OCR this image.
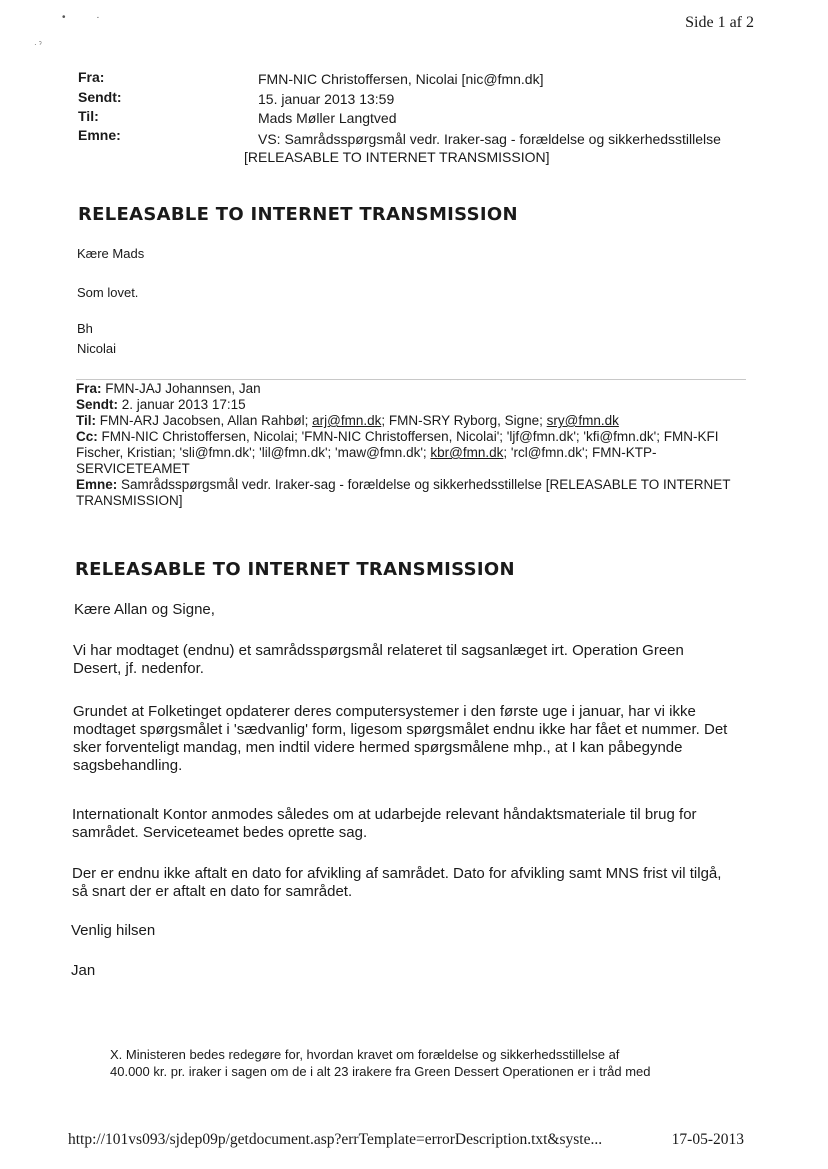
Side 1 af 2
• ·
· ˀ
Fra:	FMN-NIC Christoffersen, Nicolai [nic@fmn.dk]
Sendt:	15. januar 2013 13:59
Til:	Mads Møller Langtved
Emne:	VS: Samrådsspørgsmål vedr. Iraker-sag - forældelse og sikkerhedsstillelse
[RELEASABLE TO INTERNET TRANSMISSION]
RELEASABLE TO INTERNET TRANSMISSION
Kære Mads
Som lovet.
Bh
Nicolai
Fra: FMN-JAJ Johannsen, Jan
Sendt: 2. januar 2013 17:15
Til: FMN-ARJ Jacobsen, Allan Rahbøl; arj@fmn.dk; FMN-SRY Ryborg, Signe; sry@fmn.dk
Cc: FMN-NIC Christoffersen, Nicolai; 'FMN-NIC Christoffersen, Nicolai'; 'ljf@fmn.dk'; 'kfi@fmn.dk'; FMN-KFI
Fischer, Kristian; 'sli@fmn.dk'; 'lil@fmn.dk'; 'maw@fmn.dk'; kbr@fmn.dk; 'rcl@fmn.dk'; FMN-KTP-
SERVICETEAMET
Emne: Samrådsspørgsmål vedr. Iraker-sag - forældelse og sikkerhedsstillelse [RELEASABLE TO INTERNET
TRANSMISSION]
RELEASABLE TO INTERNET TRANSMISSION
Kære Allan og Signe,
Vi har modtaget (endnu) et samrådsspørgsmål relateret til sagsanlæget irt. Operation Green
Desert, jf. nedenfor.
Grundet at Folketinget opdaterer deres computersystemer i den første uge i januar, har vi ikke
modtaget spørgsmålet i 'sædvanlig' form, ligesom spørgsmålet endnu ikke har fået et nummer. Det
sker forventeligt mandag, men indtil videre hermed spørgsmålene mhp., at I kan påbegynde
sagsbehandling.
Internationalt Kontor anmodes således om at udarbejde relevant håndaktsmateriale til brug for
samrådet. Serviceteamet bedes oprette sag.
Der er endnu ikke aftalt en dato for afvikling af samrådet. Dato for afvikling samt MNS frist vil tilgå,
så snart der er aftalt en dato for samrådet.
Venlig hilsen
Jan
X. Ministeren bedes redegøre for, hvordan kravet om forældelse og sikkerhedsstillelse af
40.000 kr. pr. iraker i sagen om de i alt 23 irakere fra Green Dessert Operationen er i tråd med
http://101vs093/sjdep09p/getdocument.asp?errTemplate=errorDescription.txt&syste...	17-05-2013
